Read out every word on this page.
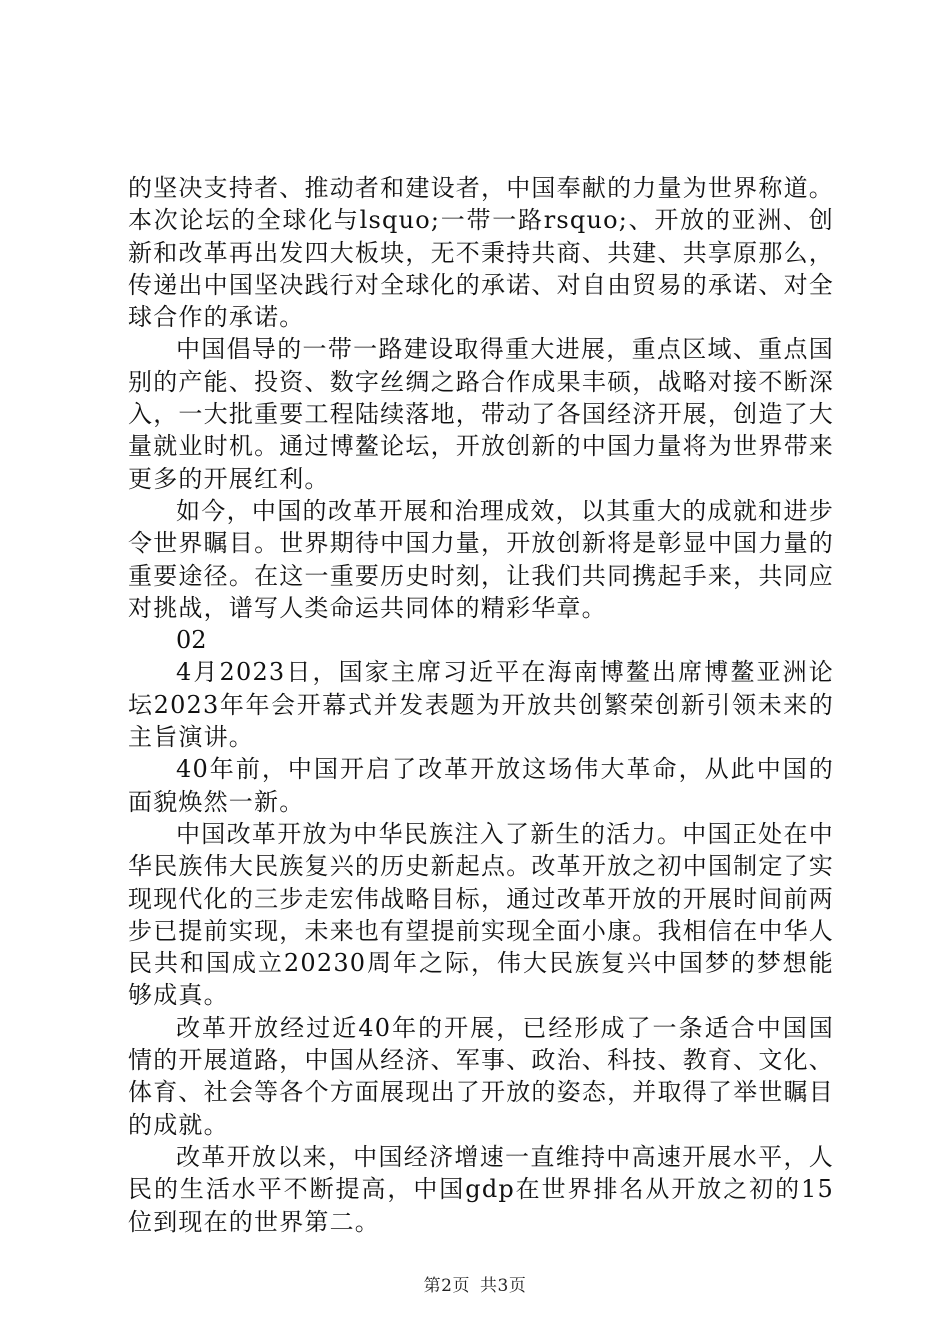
的坚决支持者、推动者和建设者，中国奉献的力量为世界称道。本次论坛的全球化与lsquo;一带一路rsquo;、开放的亚洲、创新和改革再出发四大板块，无不秉持共商、共建、共享原那么，传递出中国坚决践行对全球化的承诺、对自由贸易的承诺、对全球合作的承诺。

中国倡导的一带一路建设取得重大进展，重点区域、重点国别的产能、投资、数字丝绸之路合作成果丰硕，战略对接不断深入，一大批重要工程陆续落地，带动了各国经济开展，创造了大量就业时机。通过博鳌论坛，开放创新的中国力量将为世界带来更多的开展红利。

如今，中国的改革开展和治理成效，以其重大的成就和进步令世界瞩目。世界期待中国力量，开放创新将是彰显中国力量的重要途径。在这一重要历史时刻，让我们共同携起手来，共同应对挑战，谱写人类命运共同体的精彩华章。

02

4月2023日，国家主席习近平在海南博鳌出席博鳌亚洲论坛2023年年会开幕式并发表题为开放共创繁荣创新引领未来的主旨演讲。

40年前，中国开启了改革开放这场伟大革命，从此中国的面貌焕然一新。

中国改革开放为中华民族注入了新生的活力。中国正处在中华民族伟大民族复兴的历史新起点。改革开放之初中国制定了实现现代化的三步走宏伟战略目标，通过改革开放的开展时间前两步已提前实现，未来也有望提前实现全面小康。我相信在中华人民共和国成立20230周年之际，伟大民族复兴中国梦的梦想能够成真。

改革开放经过近40年的开展，已经形成了一条适合中国国情的开展道路，中国从经济、军事、政治、科技、教育、文化、体育、社会等各个方面展现出了开放的姿态，并取得了举世瞩目的成就。

改革开放以来，中国经济增速一直维持中高速开展水平，人民的生活水平不断提高，中国gdp在世界排名从开放之初的15位到现在的世界第二。

第2页 共3页
